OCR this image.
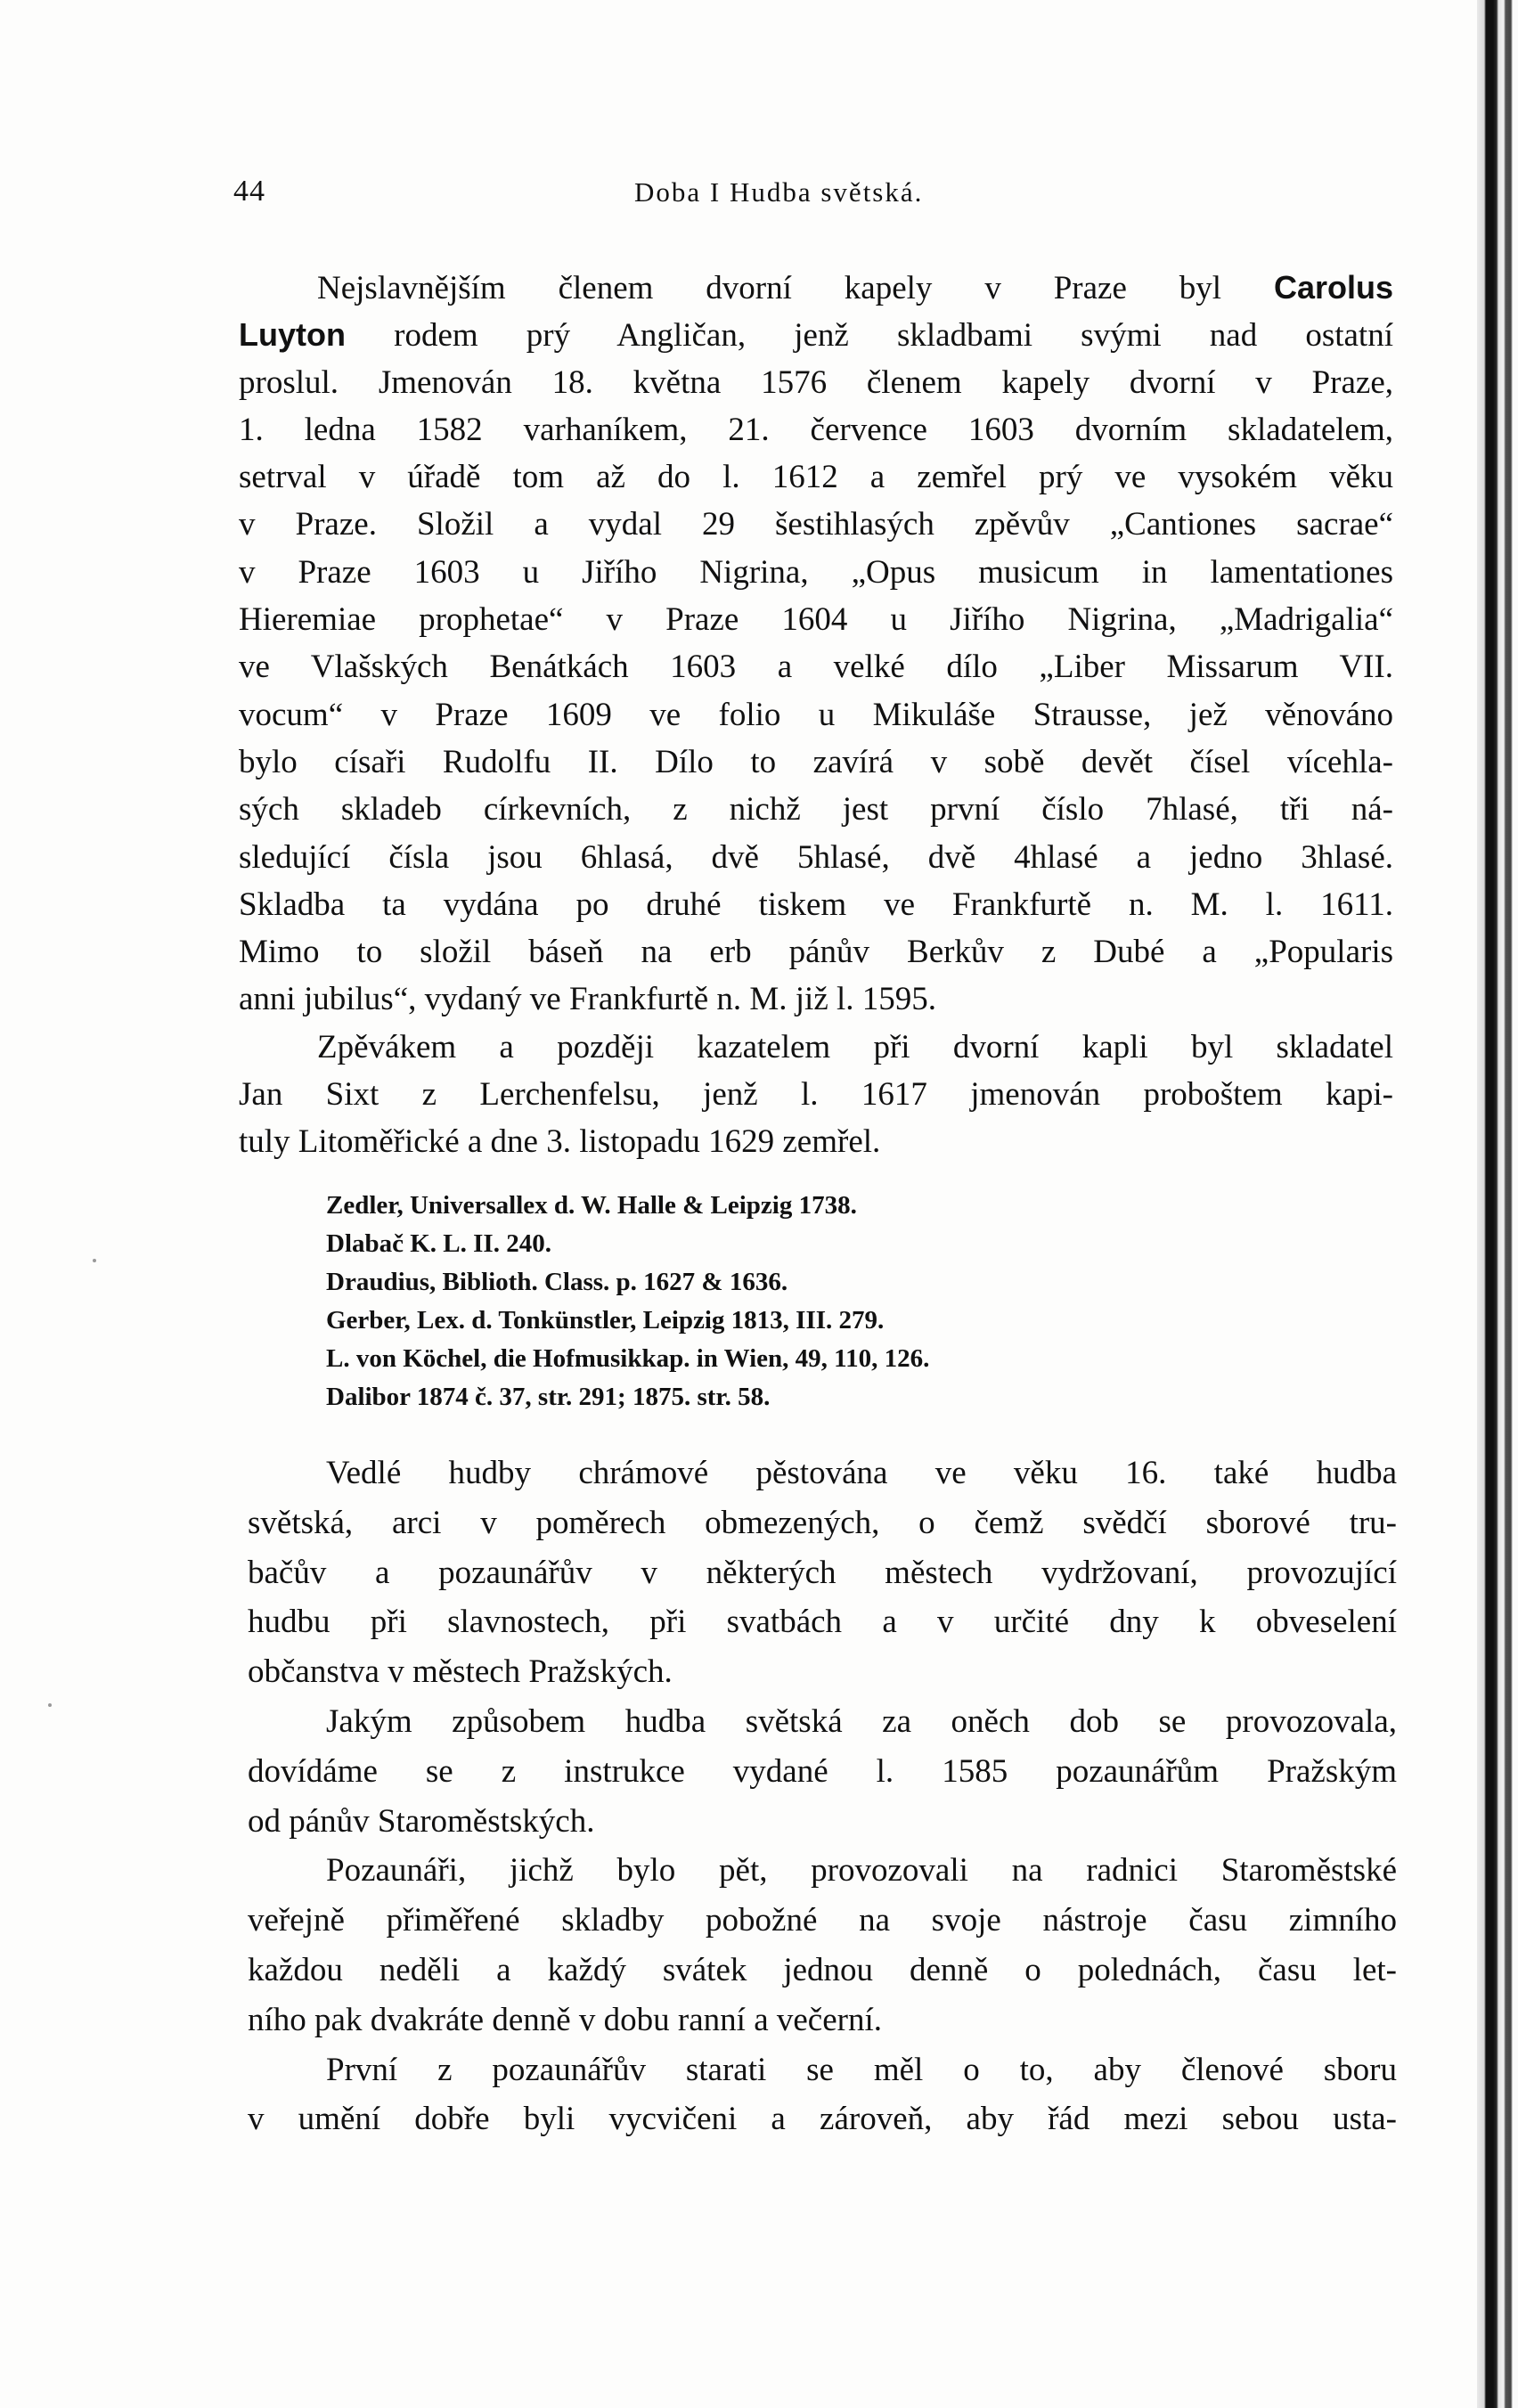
44	Doba I Hudba světská.
Nejslavnějším členem dvorní kapely v Praze byl Carolus
Luyton rodem prý Angličan, jenž skladbami svými nad ostatní
proslul. Jmenován 18. května 1576 členem kapely dvorní v Praze,
1. ledna 1582 varhaníkem, 21. července 1603 dvorním skladatelem,
setrval v úřadě tom až do l. 1612 a zemřel prý ve vysokém věku
v Praze. Složil a vydal 29 šestihlasých zpěvův „Cantiones sacrae“
v Praze 1603 u Jiřího Nigrina, „Opus musicum in lamentationes
Hieremiae prophetae“ v Praze 1604 u Jiřího Nigrina, „Madrigalia“
ve Vlašských Benátkách 1603 a velké dílo „Liber Missarum VII.
vocum“ v Praze 1609 ve folio u Mikuláše Strausse, jež věnováno
bylo císaři Rudolfu II. Dílo to zavírá v sobě devět čísel vícehla-
sých skladeb církevních, z nichž jest první číslo 7hlasé, tři ná-
sledující čísla jsou 6hlasá, dvě 5hlasé, dvě 4hlasé a jedno 3hlasé.
Skladba ta vydána po druhé tiskem ve Frankfurtě n. M. l. 1611.
Mimo to složil báseň na erb pánův Berkův z Dubé a „Popularis
anni jubilus“, vydaný ve Frankfurtě n. M. již l. 1595.
Zpěvákem a později kazatelem při dvorní kapli byl skladatel
Jan Sixt z Lerchenfelsu, jenž l. 1617 jmenován proboštem kapi-
tuly Litoměřické a dne 3. listopadu 1629 zemřel.
Zedler, Universallex d. W. Halle & Leipzig 1738.
Dlabač K. L. II. 240.
Draudius, Biblioth. Class. p. 1627 & 1636.
Gerber, Lex. d. Tonkünstler, Leipzig 1813, III. 279.
L. von Köchel, die Hofmusikkap. in Wien, 49, 110, 126.
Dalibor 1874 č. 37, str. 291; 1875. str. 58.
Vedlé hudby chrámové pěstována ve věku 16. také hudba
světská, arci v poměrech obmezených, o čemž svědčí sborové tru-
bačův a pozaunářův v některých městech vydržovaní, provozující
hudbu při slavnostech, při svatbách a v určité dny k obveselení
občanstva v městech Pražských.
Jakým způsobem hudba světská za oněch dob se provozovala,
dovídáme se z instrukce vydané l. 1585 pozaunářům Pražským
od pánův Staroměstských.
Pozaunáři, jichž bylo pět, provozovali na radnici Staroměstské
veřejně přiměřené skladby pobožné na svoje nástroje času zimního
každou neděli a každý svátek jednou denně o polednách, času let-
ního pak dvakráte denně v dobu ranní a večerní.
První z pozaunářův starati se měl o to, aby členové sboru
v umění dobře byli vycvičeni a zároveň, aby řád mezi sebou usta-
